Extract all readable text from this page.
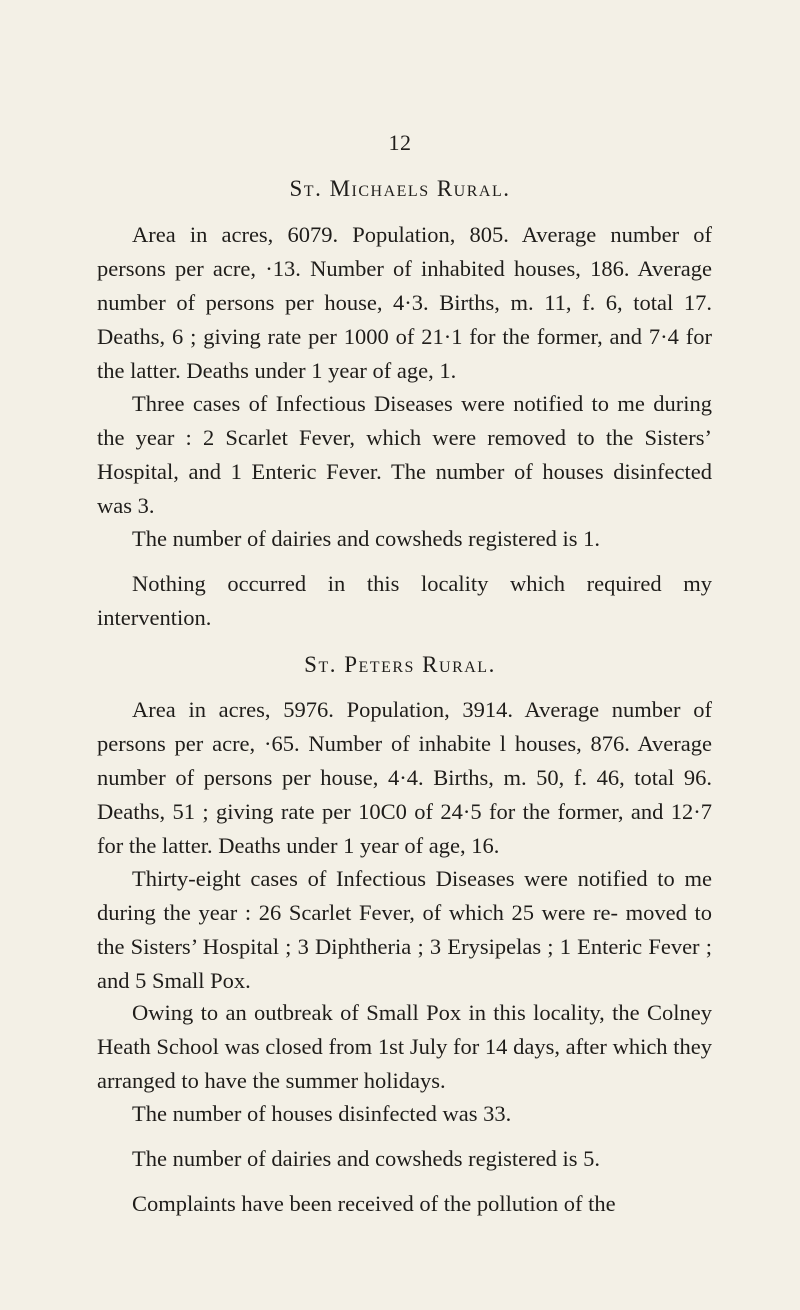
12
St. Michaels Rural.

Area in acres, 6079. Population, 805. Average number of persons per acre, ·13. Number of inhabited houses, 186. Average number of persons per house, 4·3. Births, m. 11, f. 6, total 17. Deaths, 6 ; giving rate per 1000 of 21·1 for the former, and 7·4 for the latter. Deaths under 1 year of age, 1.

Three cases of Infectious Diseases were notified to me during the year : 2 Scarlet Fever, which were removed to the Sisters’ Hospital, and 1 Enteric Fever. The number of houses disinfected was 3.

The number of dairies and cowsheds registered is 1.

Nothing occurred in this locality which required my intervention.

St. Peters Rural.

Area in acres, 5976. Population, 3914. Average number of persons per acre, ·65. Number of inhabite l houses, 876. Average number of persons per house, 4·4. Births, m. 50, f. 46, total 96. Deaths, 51 ; giving rate per 10C0 of 24·5 for the former, and 12·7 for the latter. Deaths under 1 year of age, 16.

Thirty-eight cases of Infectious Diseases were notified to me during the year : 26 Scarlet Fever, of which 25 were re- moved to the Sisters’ Hospital ; 3 Diphtheria ; 3 Erysipelas ; 1 Enteric Fever ; and 5 Small Pox.

Owing to an outbreak of Small Pox in this locality, the Colney Heath School was closed from 1st July for 14 days, after which they arranged to have the summer holidays.

The number of houses disinfected was 33.

The number of dairies and cowsheds registered is 5.

Complaints have been received of the pollution of the
